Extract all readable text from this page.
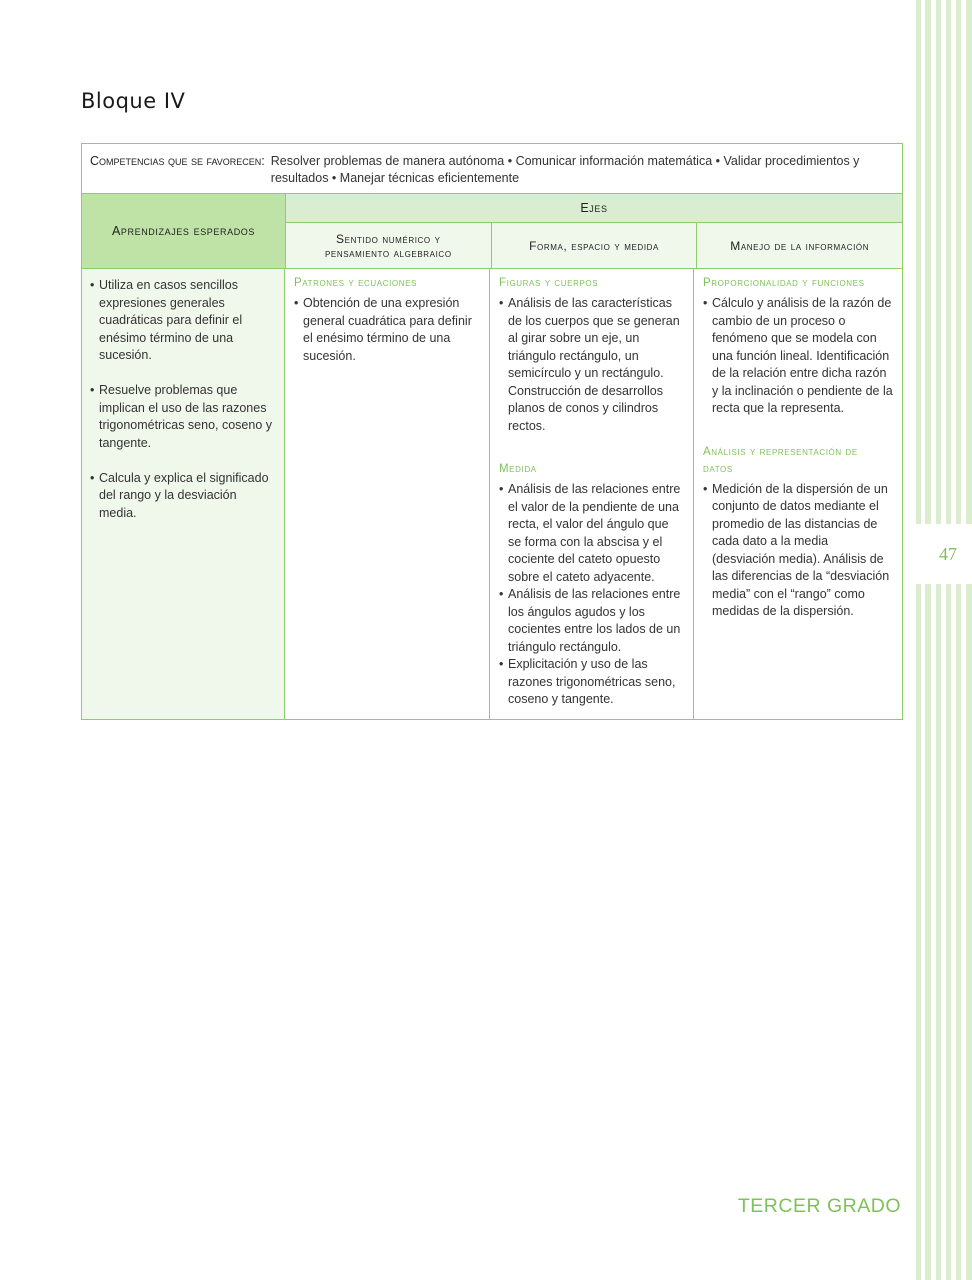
47
Bloque IV
Competencias que se favorecen: Resolver problemas de manera autónoma • Comunicar información matemática • Validar procedimientos y resultados • Manejar técnicas eficientemente
Aprendizajes esperados
Ejes
Sentido numérico y pensamiento algebraico	Forma, espacio y medida	Manejo de la información
• Utiliza en casos sencillos expresiones generales cuadráticas para definir el enésimo término de una sucesión.
• Resuelve problemas que implican el uso de las razones trigonométricas seno, coseno y tangente.
• Calcula y explica el significado del rango y la desviación media.
Patrones y ecuaciones
• Obtención de una expresión general cuadrática para definir el enésimo término de una sucesión.
Figuras y cuerpos
• Análisis de las características de los cuerpos que se generan al girar sobre un eje, un triángulo rectángulo, un semicírculo y un rectángulo. Construcción de desarrollos planos de conos y cilindros rectos.
Medida
• Análisis de las relaciones entre el valor de la pendiente de una recta, el valor del ángulo que se forma con la abscisa y el cociente del cateto opuesto sobre el cateto adyacente.
• Análisis de las relaciones entre los ángulos agudos y los cocientes entre los lados de un triángulo rectángulo.
• Explicitación y uso de las razones trigonométricas seno, coseno y tangente.
Proporcionalidad y funciones
• Cálculo y análisis de la razón de cambio de un proceso o fenómeno que se modela con una función lineal. Identificación de la relación entre dicha razón y la inclinación o pendiente de la recta que la representa.
Análisis y representación de datos
• Medición de la dispersión de un conjunto de datos mediante el promedio de las distancias de cada dato a la media (desviación media). Análisis de las diferencias de la “desviación media” con el “rango” como medidas de la dispersión.
TERCER GRADO
